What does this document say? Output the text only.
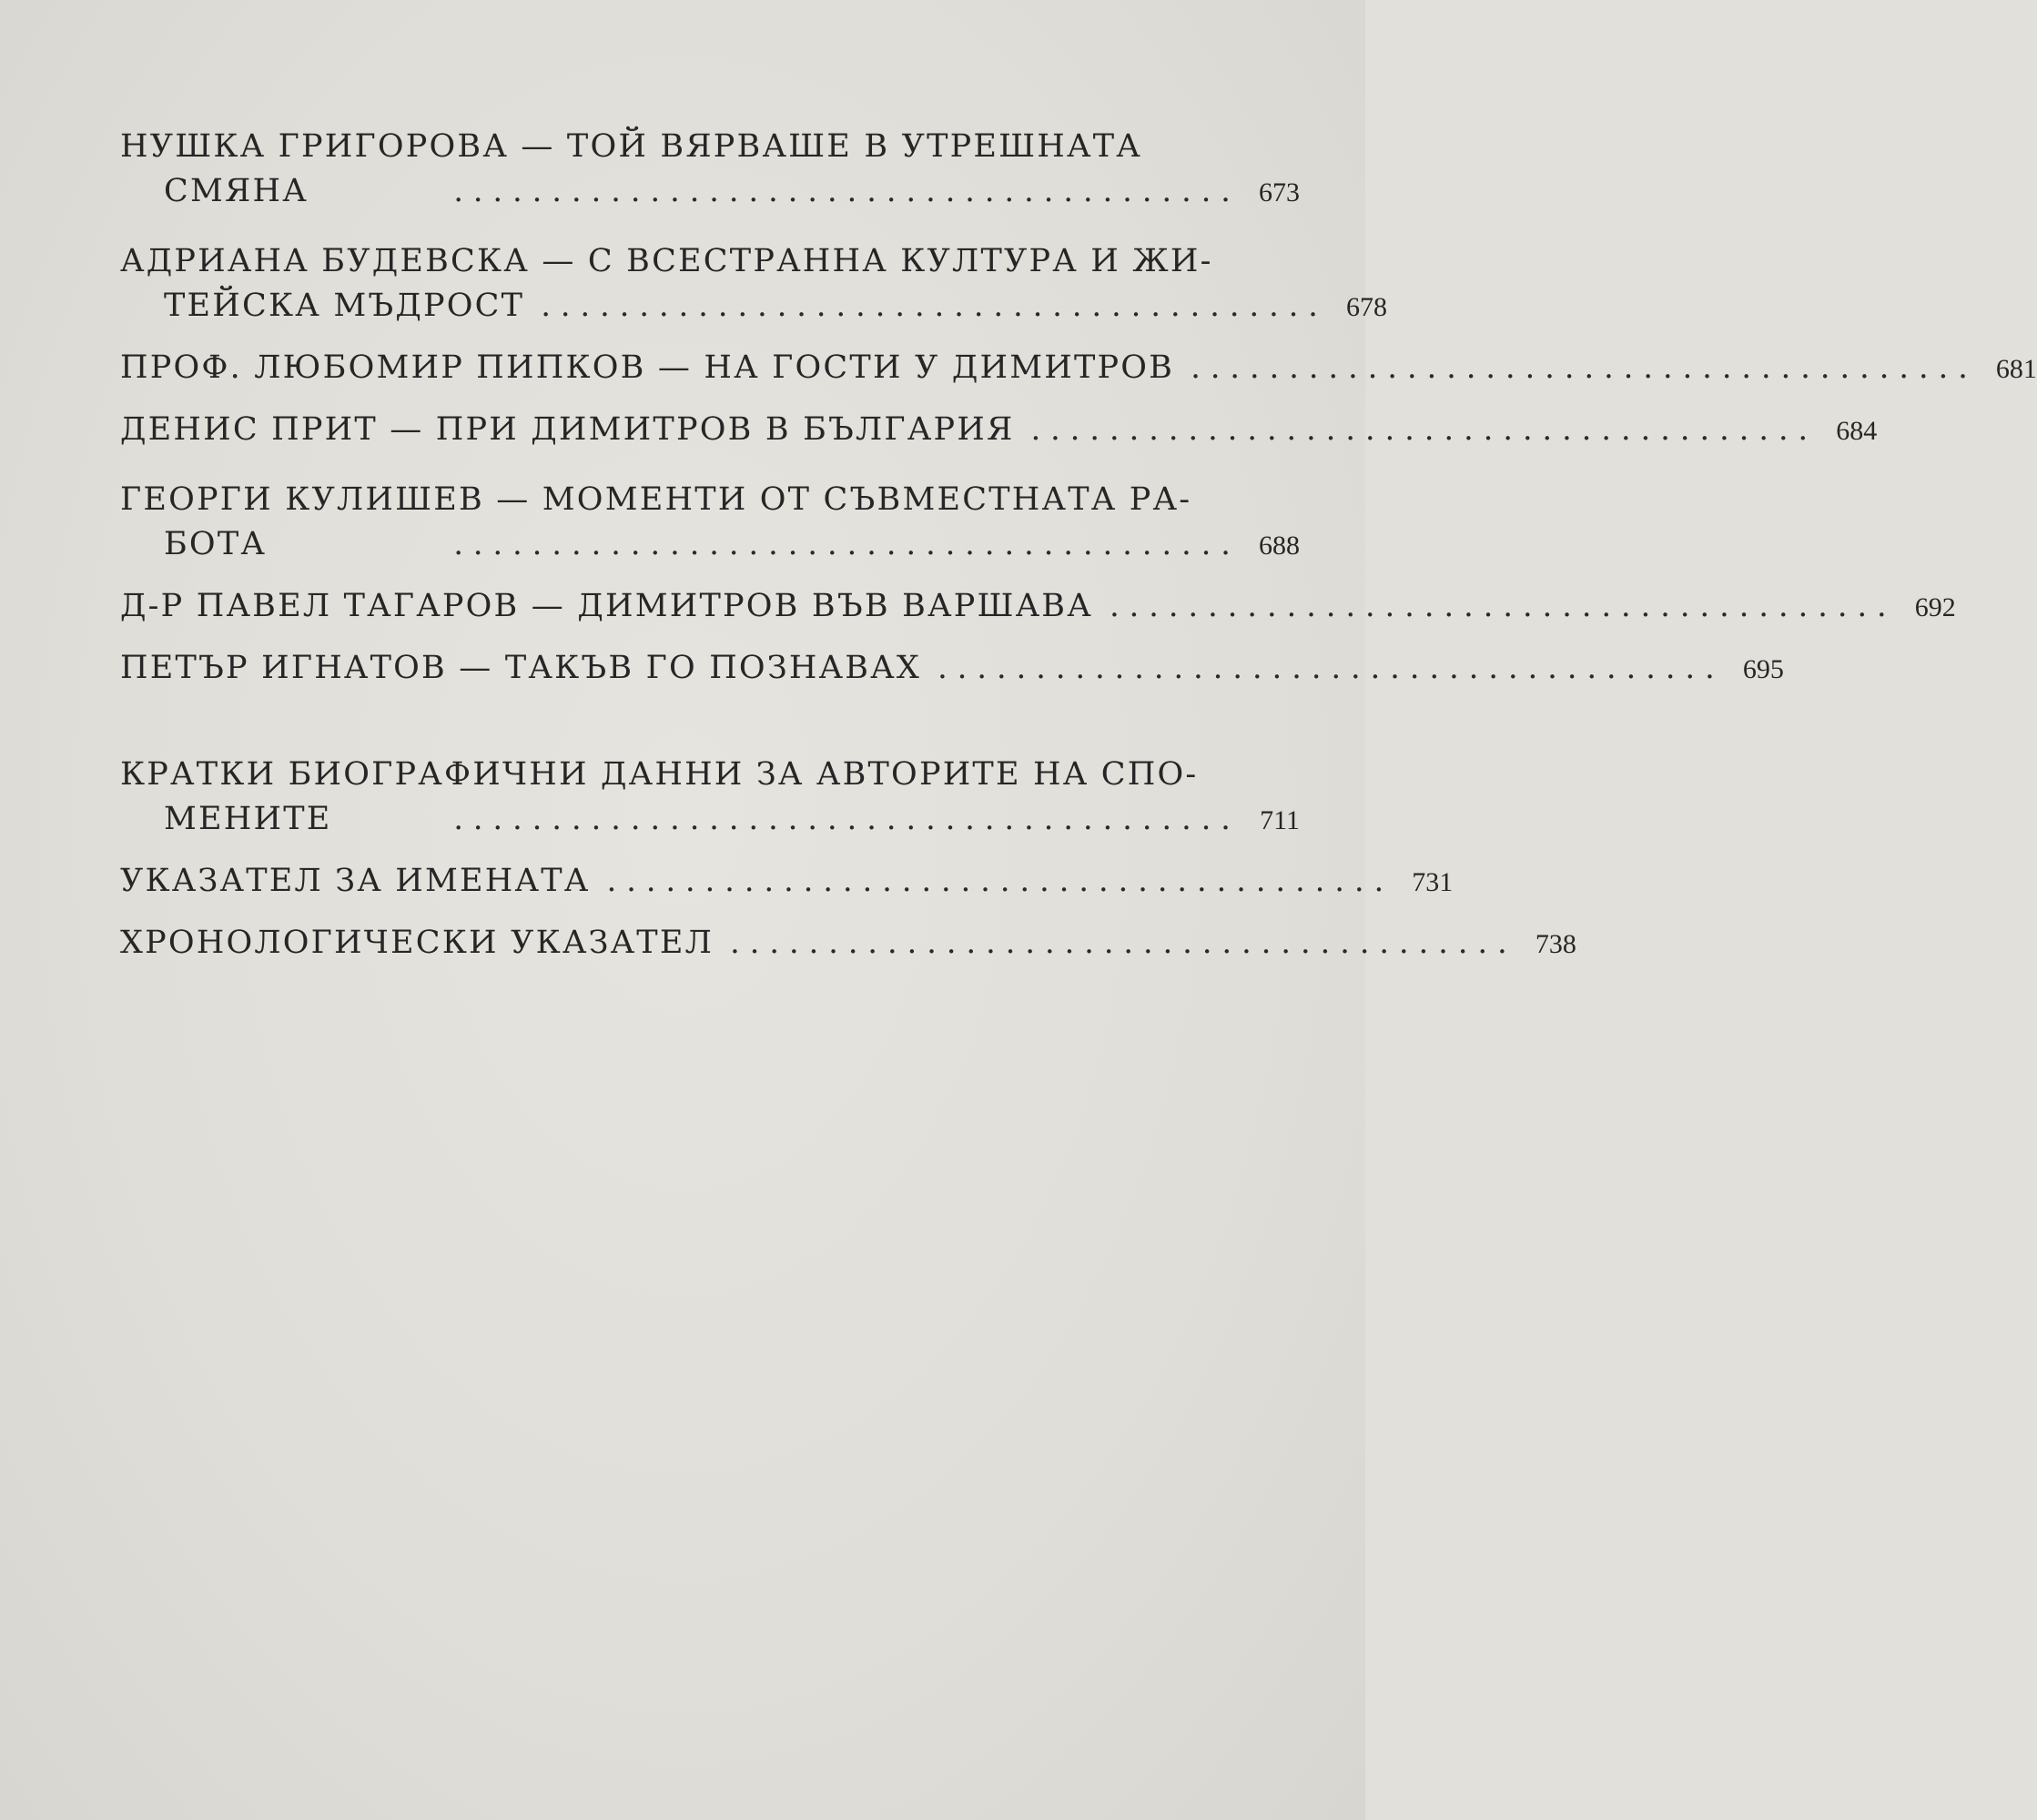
НУШКА ГРИГОРОВА — ТОЙ ВЯРВАШЕ В УТРЕШНАТА
СМЯНА	. . . . . . . . . . . . . . . . . . . . . . . . . . . . . . . . . . . . . . . .	673
АДРИАНА БУДЕВСКА — С ВСЕСТРАННА КУЛТУРА И ЖИ-
ТЕЙСКА МЪДРОСТ . . . . . . . . . . . . . . . . . . . . . . . . . . . . . . . . . . . . . . . .	678
ПРОФ. ЛЮБОМИР ПИПКОВ — НА ГОСТИ У ДИМИТРОВ . . . . . . . . . . . . . . . . . . . . . . . . . . . . . . . . . . . . . . . .	681
ДЕНИС ПРИТ — ПРИ ДИМИТРОВ В БЪЛГАРИЯ . . . . . . . . . . . . . . . . . . . . . . . . . . . . . . . . . . . . . . . .	684
ГЕОРГИ КУЛИШЕВ — МОМЕНТИ ОТ СЪВМЕСТНАТА РА-
БОТА	. . . . . . . . . . . . . . . . . . . . . . . . . . . . . . . . . . . . . . . .	688
Д-Р ПАВЕЛ ТАГАРОВ — ДИМИТРОВ ВЪВ ВАРШАВА . . . . . . . . . . . . . . . . . . . . . . . . . . . . . . . . . . . . . . . .	692
ПЕТЪР ИГНАТОВ — ТАКЪВ ГО ПОЗНАВАХ . . . . . . . . . . . . . . . . . . . . . . . . . . . . . . . . . . . . . . . .	695
КРАТКИ БИОГРАФИЧНИ ДАННИ ЗА АВТОРИТЕ НА СПО-
МЕНИТЕ	. . . . . . . . . . . . . . . . . . . . . . . . . . . . . . . . . . . . . . . .	711
УКАЗАТЕЛ ЗА ИМЕНАТА . . . . . . . . . . . . . . . . . . . . . . . . . . . . . . . . . . . . . . . .	731
ХРОНОЛОГИЧЕСКИ УКАЗАТЕЛ . . . . . . . . . . . . . . . . . . . . . . . . . . . . . . . . . . . . . . . .	738
